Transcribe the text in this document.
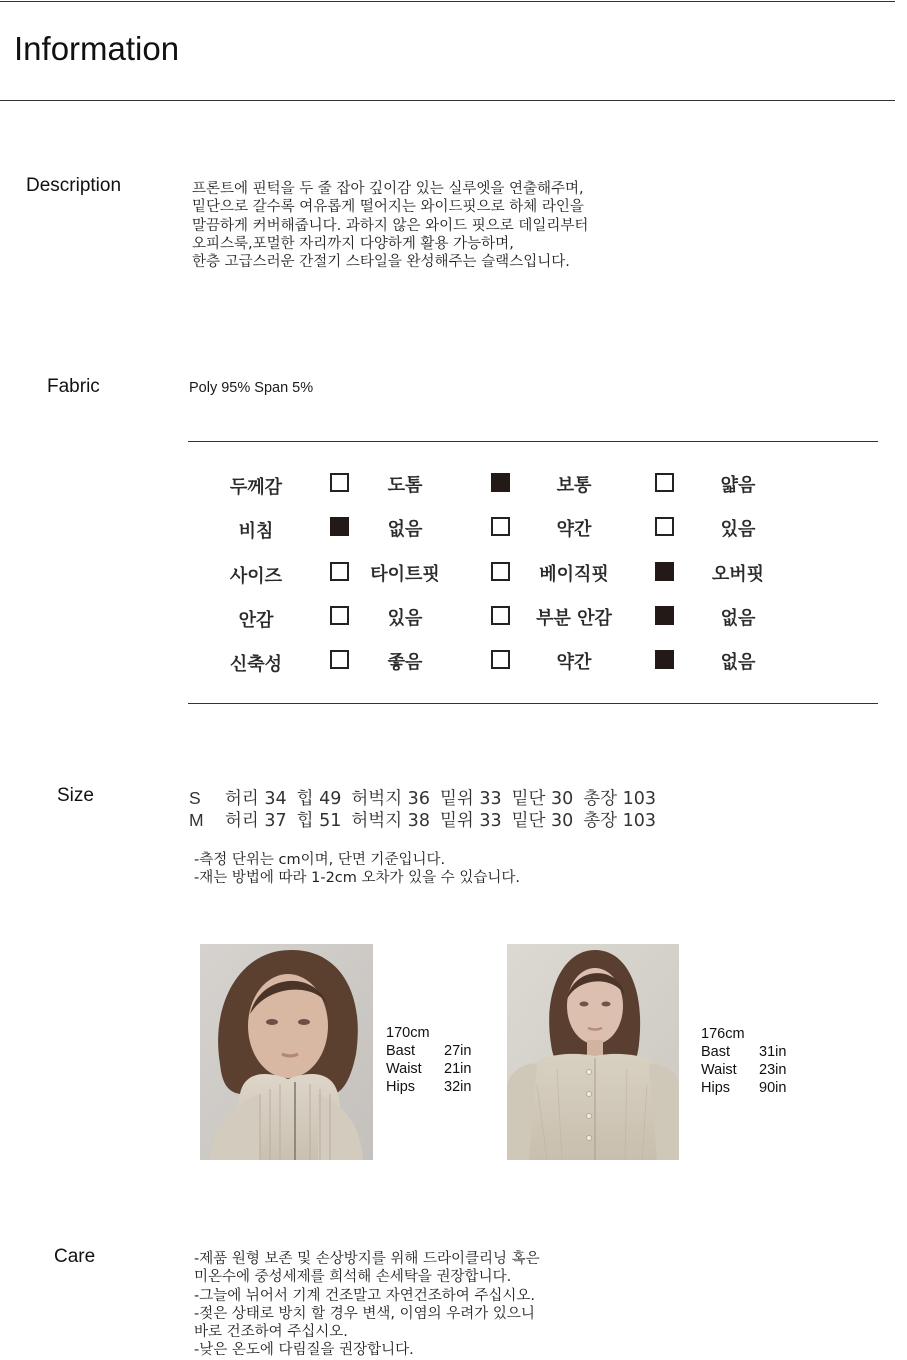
Information
Description	프론트에 핀턱을 두 줄 잡아 깊이감 있는 실루엣을 연출해주며,
밑단으로 갈수록 여유롭게 떨어지는 와이드핏으로 하체 라인을
말끔하게 커버해줍니다. 과하지 않은 와이드 핏으로 데일리부터
오피스룩,포멀한 자리까지 다양하게 활용 가능하며,
한층 고급스러운 간절기 스타일을 완성해주는 슬랙스입니다.
Fabric	Poly 95% Span 5%
두께감	도톰	보통	얇음
비침	없음	약간	있음
사이즈	타이트핏	베이직핏	오버핏
안감	있음	부분 안감	없음
신축성	좋음	약간	없음
Size	S 허리 34 힙 49 허벅지 36 밑위 33 밑단 30 총장 103
M 허리 37 힙 51 허벅지 38 밑위 33 밑단 30 총장 103
-측정 단위는 cm이며, 단면 기준입니다.
-재는 방법에 따라 1-2cm 오차가 있을 수 있습니다.
170cm
Bast 27in
Waist 21in
Hips 32in
176cm
Bast 31in
Waist 23in
Hips 90in
Care	-제품 원형 보존 및 손상방지를 위해 드라이클리닝 혹은
미온수에 중성세제를 희석해 손세탁을 권장합니다.
-그늘에 뉘어서 기계 건조말고 자연건조하여 주십시오.
-젖은 상태로 방치 할 경우 변색, 이염의 우려가 있으니
바로 건조하여 주십시오.
-낮은 온도에 다림질을 권장합니다.
